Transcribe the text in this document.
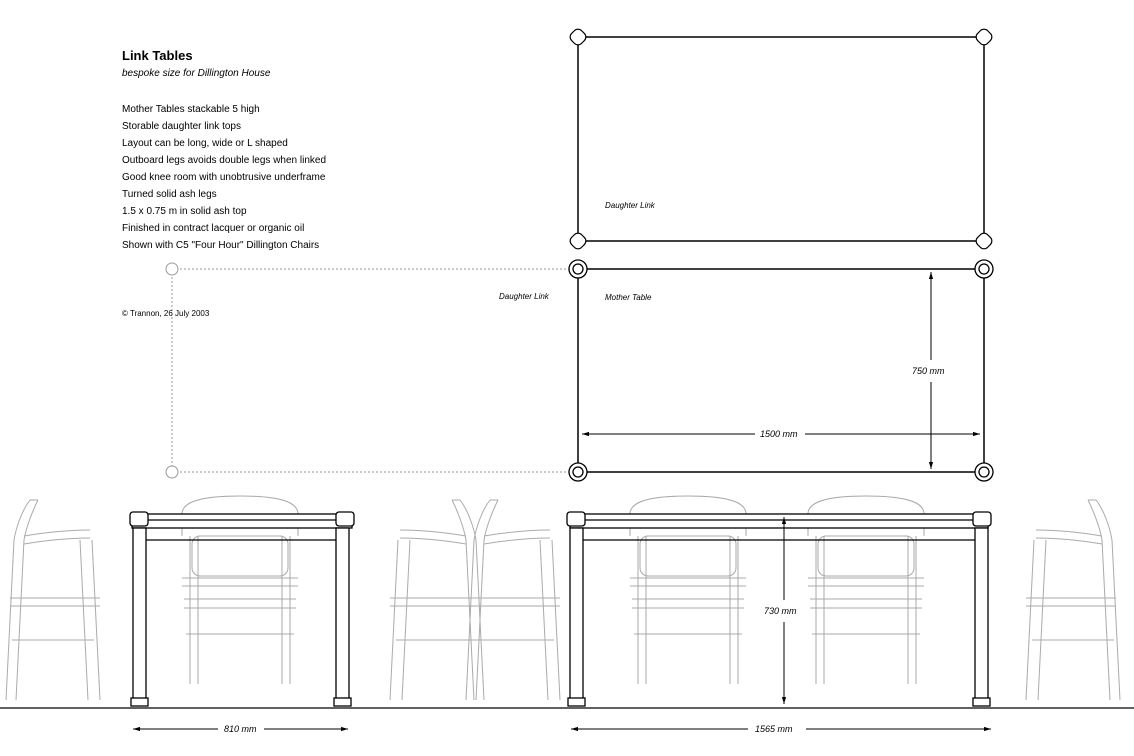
Daughter Link
Daughter Link	Mother Table
1500 mm
750 mm
730 mm
810 mm	1565 mm
Link Tables
bespoke size for Dillington House
Mother Tables stackable 5 high
Storable daughter link tops
Layout can be long, wide or L shaped
Outboard legs avoids double legs when linked
Good knee room with unobtrusive underframe
Turned solid ash legs
1.5 x 0.75 m in solid ash top
Finished in contract lacquer or organic oil
Shown with C5 "Four Hour" Dillington Chairs
© Trannon, 26 July 2003
